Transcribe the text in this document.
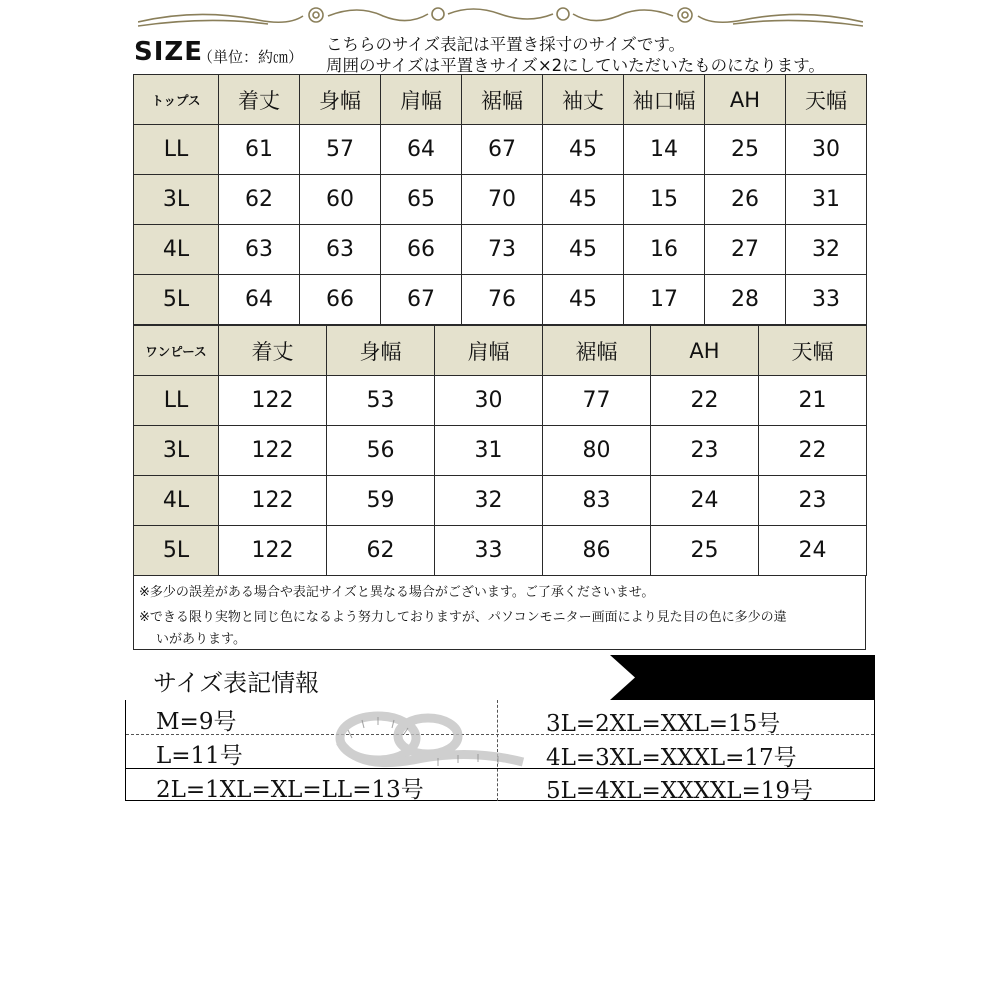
SIZE
（単位：約㎝）
こちらのサイズ表記は平置き採寸のサイズです。
周囲のサイズは平置きサイズ×2にしていただいたものになります。
トップス	着丈	身幅	肩幅	裾幅	袖丈	袖口幅	AH	天幅
LL	61	57	64	67	45	14	25	30
3L	62	60	65	70	45	15	26	31
4L	63	63	66	73	45	16	27	32
5L	64	66	67	76	45	17	28	33
ワンピース	着丈	身幅	肩幅	裾幅	AH	天幅
LL	122	53	30	77	22	21
3L	122	56	31	80	23	22
4L	122	59	32	83	24	23
5L	122	62	33	86	25	24
※多少の誤差がある場合や表記サイズと異なる場合がございます。ご了承くださいませ。
※できる限り実物と同じ色になるよう努力しておりますが、パソコンモニター画面により見た目の色に多少の違
いがあります。
サイズ表記情報
M=9号
L=11号
2L=1XL=XL=LL=13号
3L=2XL=XXL=15号
4L=3XL=XXXL=17号
5L=4XL=XXXXL=19号
